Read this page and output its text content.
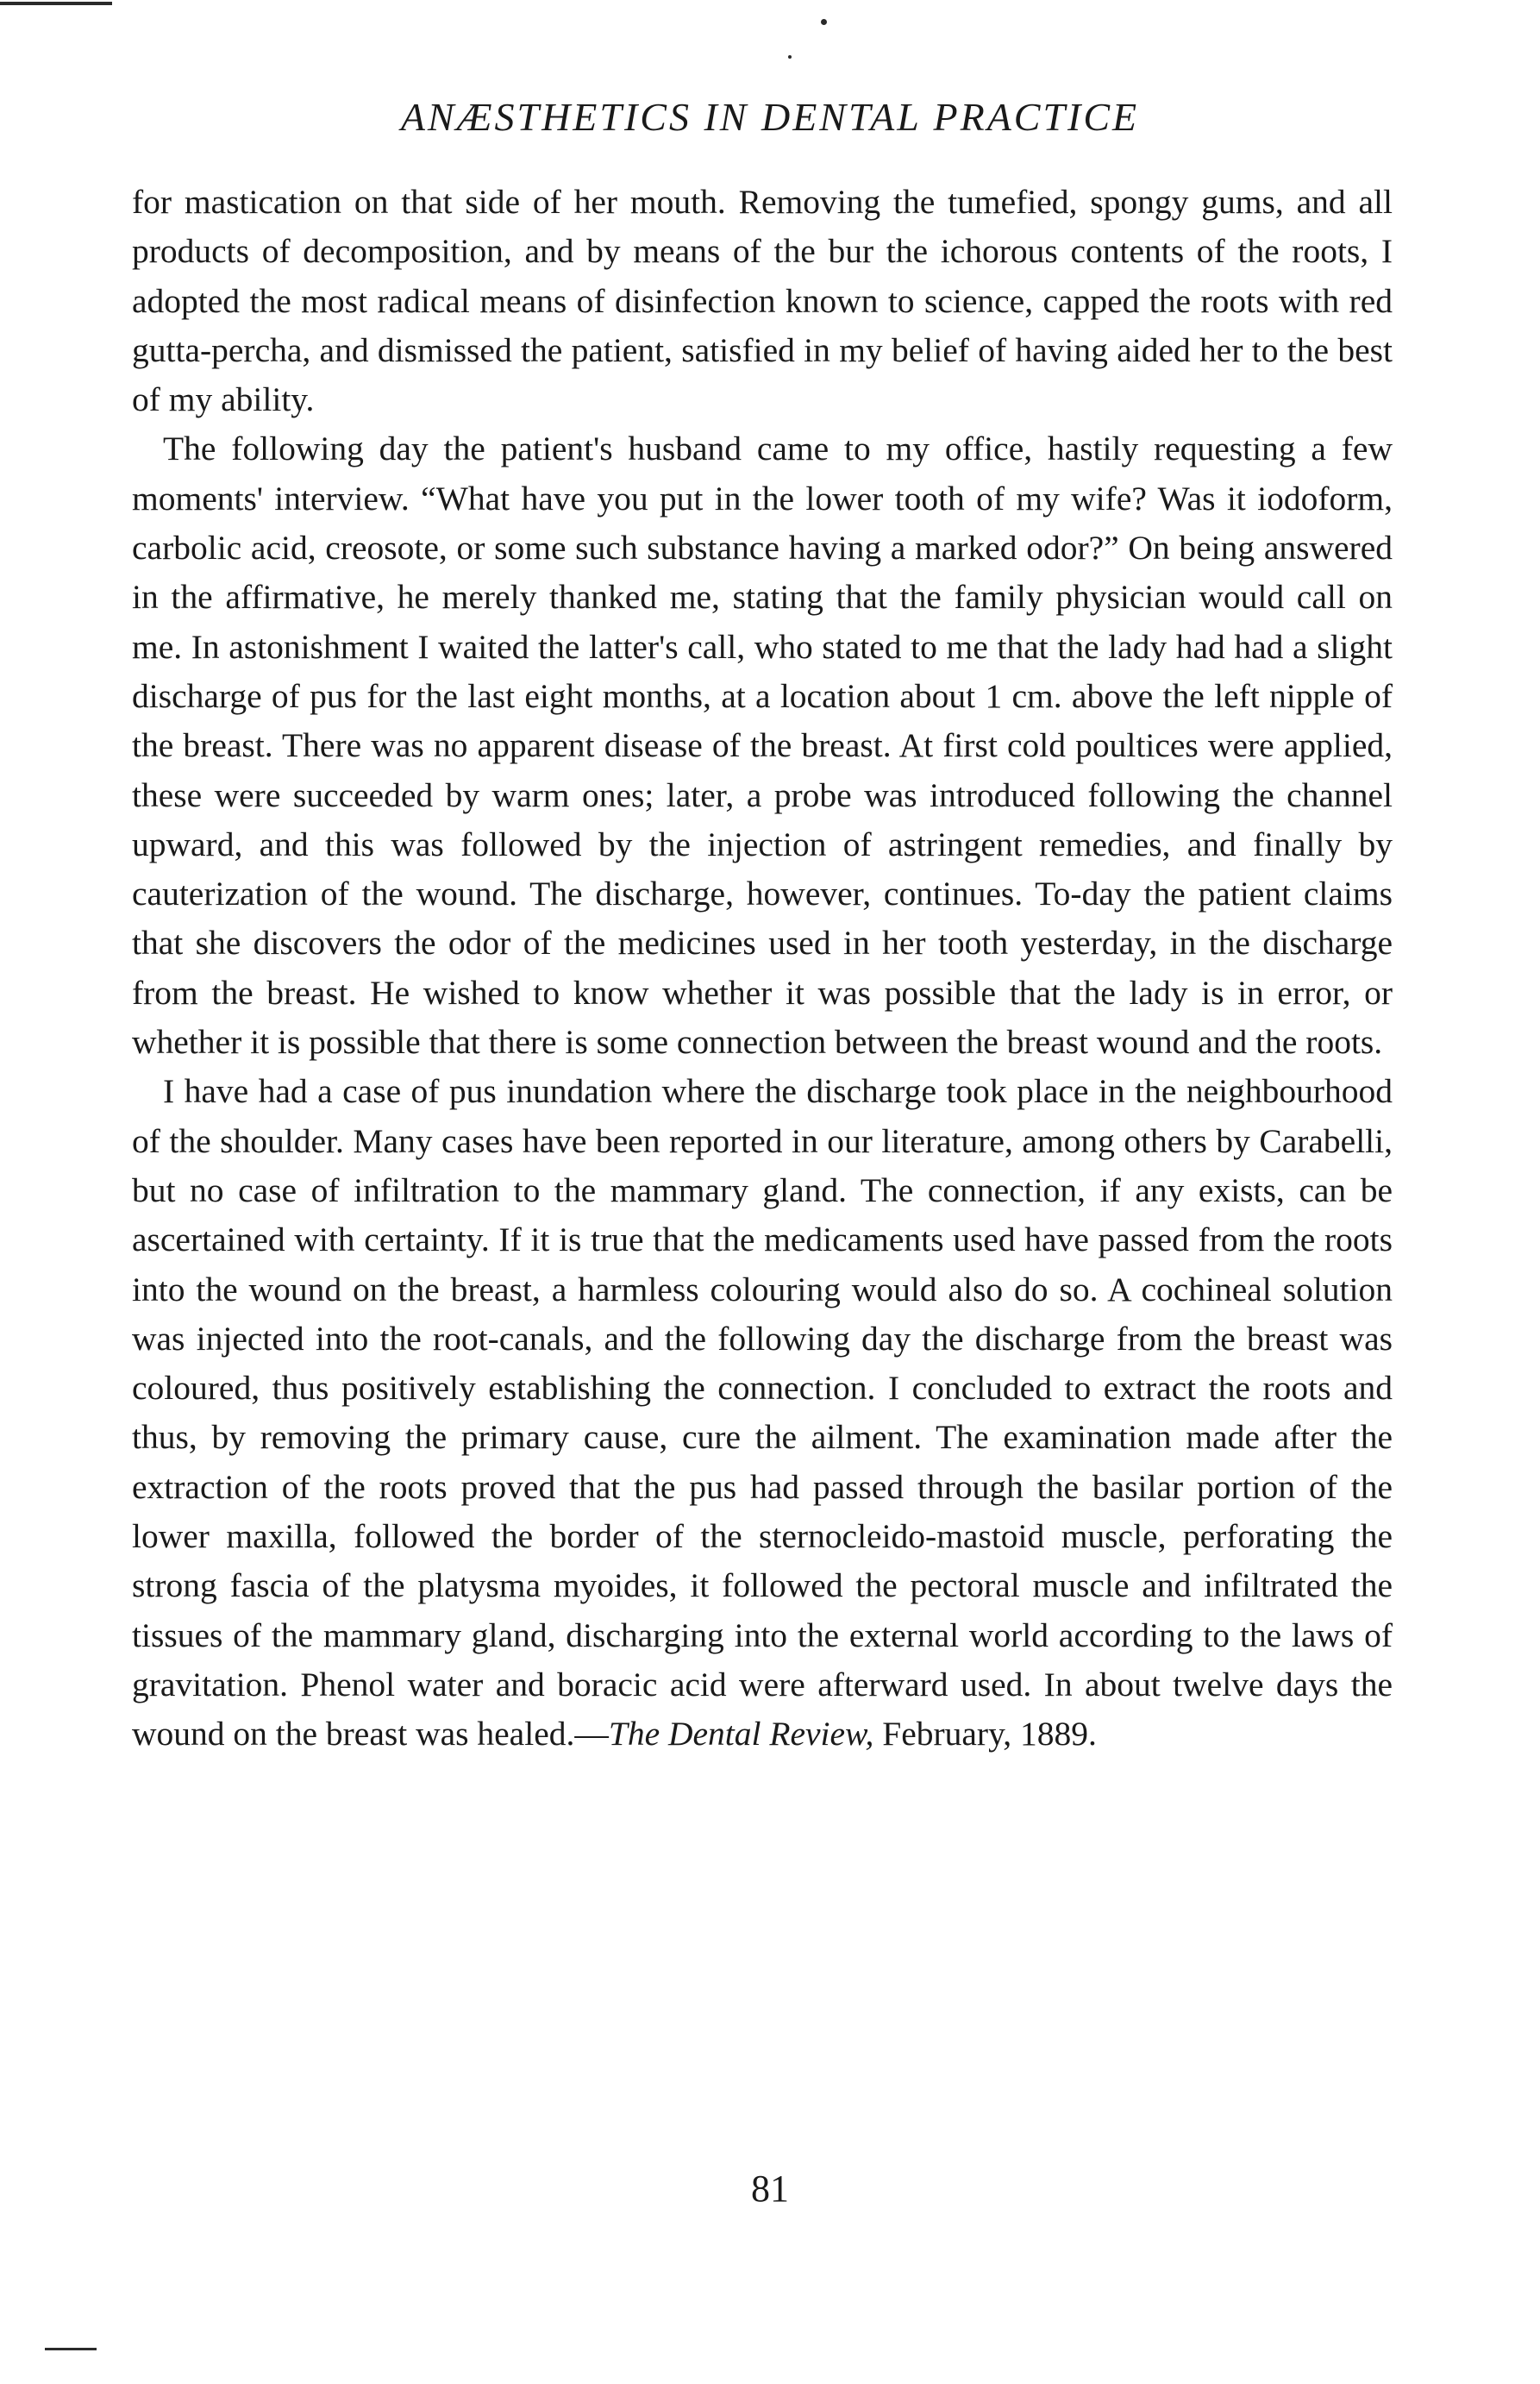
ANÆSTHETICS IN DENTAL PRACTICE

for mastication on that side of her mouth. Removing the tumefied, spongy gums, and all products of decomposition, and by means of the bur the ichorous contents of the roots, I adopted the most radical means of disinfection known to science, capped the roots with red gutta-percha, and dismissed the patient, satisfied in my belief of having aided her to the best of my ability.

The following day the patient's husband came to my office, hastily requesting a few moments' interview. “What have you put in the lower tooth of my wife? Was it iodoform, carbolic acid, creosote, or some such substance having a marked odor?” On being answered in the affirmative, he merely thanked me, stating that the family physician would call on me. In astonishment I waited the latter's call, who stated to me that the lady had had a slight discharge of pus for the last eight months, at a location about 1 cm. above the left nipple of the breast. There was no apparent disease of the breast. At first cold poultices were applied, these were succeeded by warm ones; later, a probe was introduced following the channel upward, and this was followed by the injection of astringent remedies, and finally by cauterization of the wound. The discharge, however, continues. To-day the patient claims that she discovers the odor of the medicines used in her tooth yesterday, in the discharge from the breast. He wished to know whether it was possible that the lady is in error, or whether it is possible that there is some connection between the breast wound and the roots.

I have had a case of pus inundation where the discharge took place in the neighbourhood of the shoulder. Many cases have been reported in our literature, among others by Carabelli, but no case of infiltration to the mammary gland. The connection, if any exists, can be ascertained with certainty. If it is true that the medicaments used have passed from the roots into the wound on the breast, a harmless colouring would also do so. A cochineal solution was injected into the root-canals, and the following day the discharge from the breast was coloured, thus positively establishing the connection. I concluded to extract the roots and thus, by removing the primary cause, cure the ailment. The examination made after the extraction of the roots proved that the pus had passed through the basilar portion of the lower maxilla, followed the border of the sternocleido-mastoid muscle, perforating the strong fascia of the platysma myoides, it followed the pectoral muscle and infiltrated the tissues of the mammary gland, discharging into the external world according to the laws of gravitation. Phenol water and boracic acid were afterward used. In about twelve days the wound on the breast was healed.—The Dental Review, February, 1889.

81
